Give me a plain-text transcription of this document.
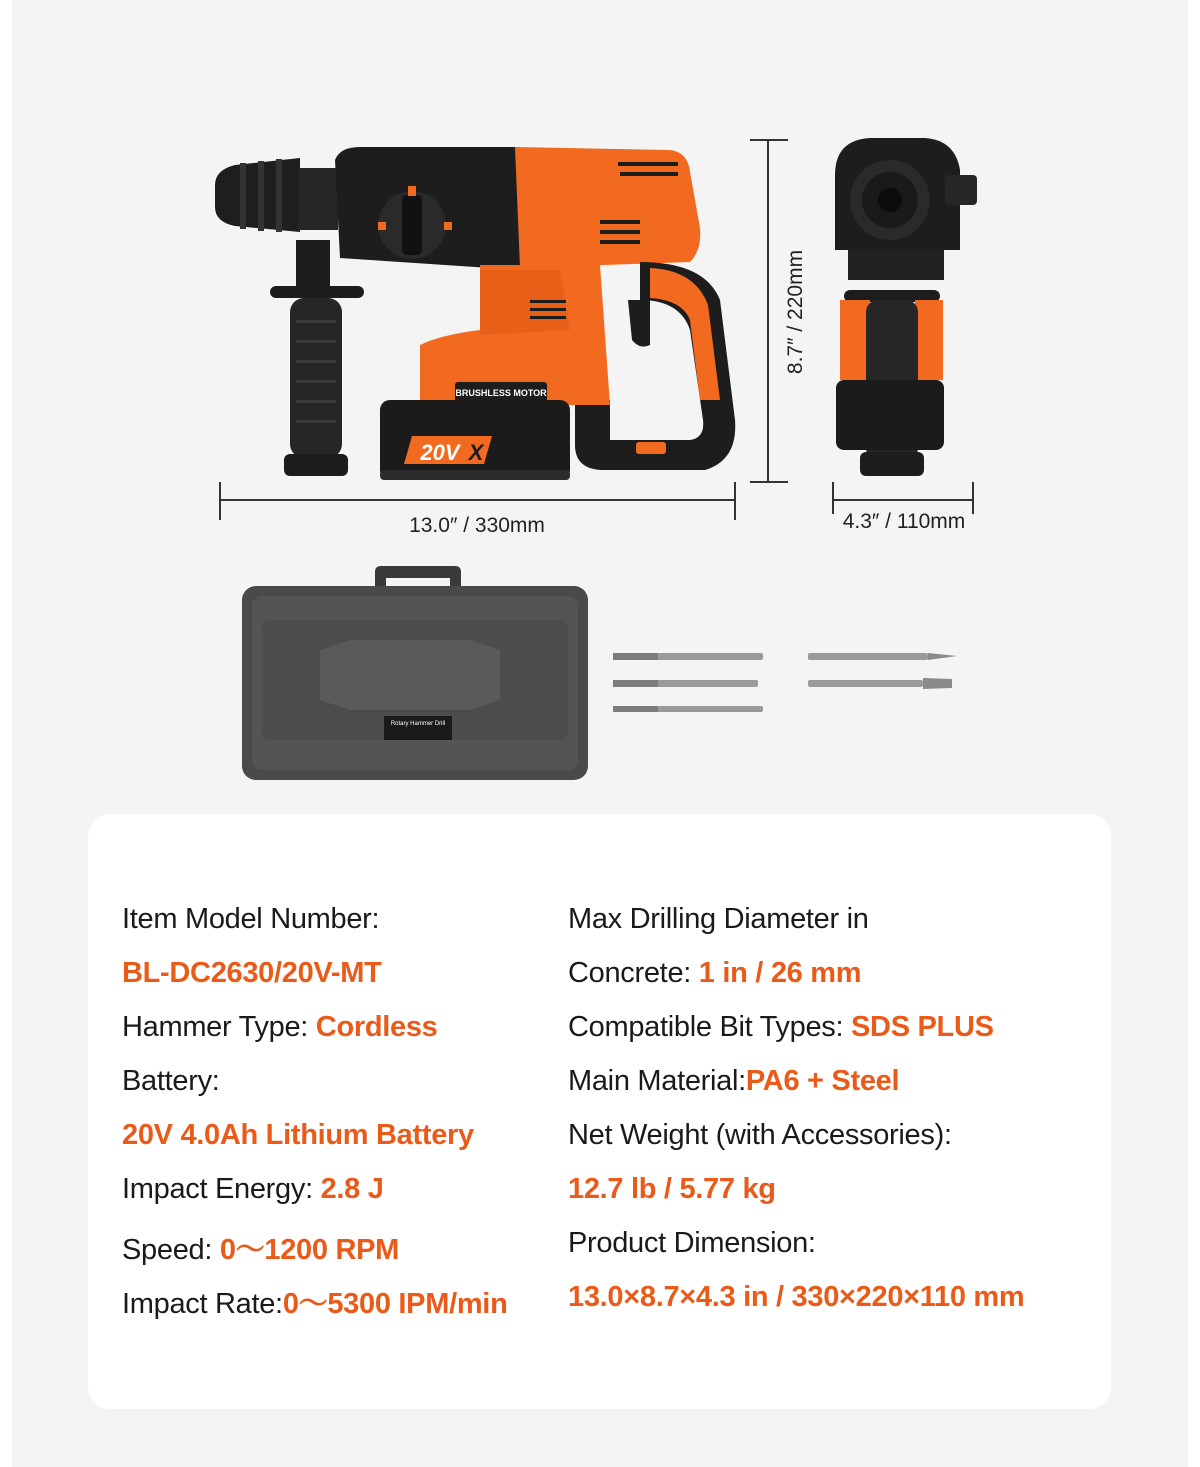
BRUSHLESS MOTOR
20V X
8.7″ / 220mm
13.0″ / 330mm	4.3″ / 110mm
Rotary Hammer Drill
Item Model Number:
BL-DC2630/20V-MT
Hammer Type: Cordless
Battery:
20V 4.0Ah Lithium Battery
Impact Energy: 2.8 J
Speed: 0〜1200 RPM
Impact Rate:0〜5300 IPM/min
Max Drilling Diameter in
Concrete: 1 in / 26 mm
Compatible Bit Types: SDS PLUS
Main Material:PA6 + Steel
Net Weight (with Accessories):
12.7 lb / 5.77 kg
Product Dimension:
13.0×8.7×4.3 in / 330×220×110 mm
